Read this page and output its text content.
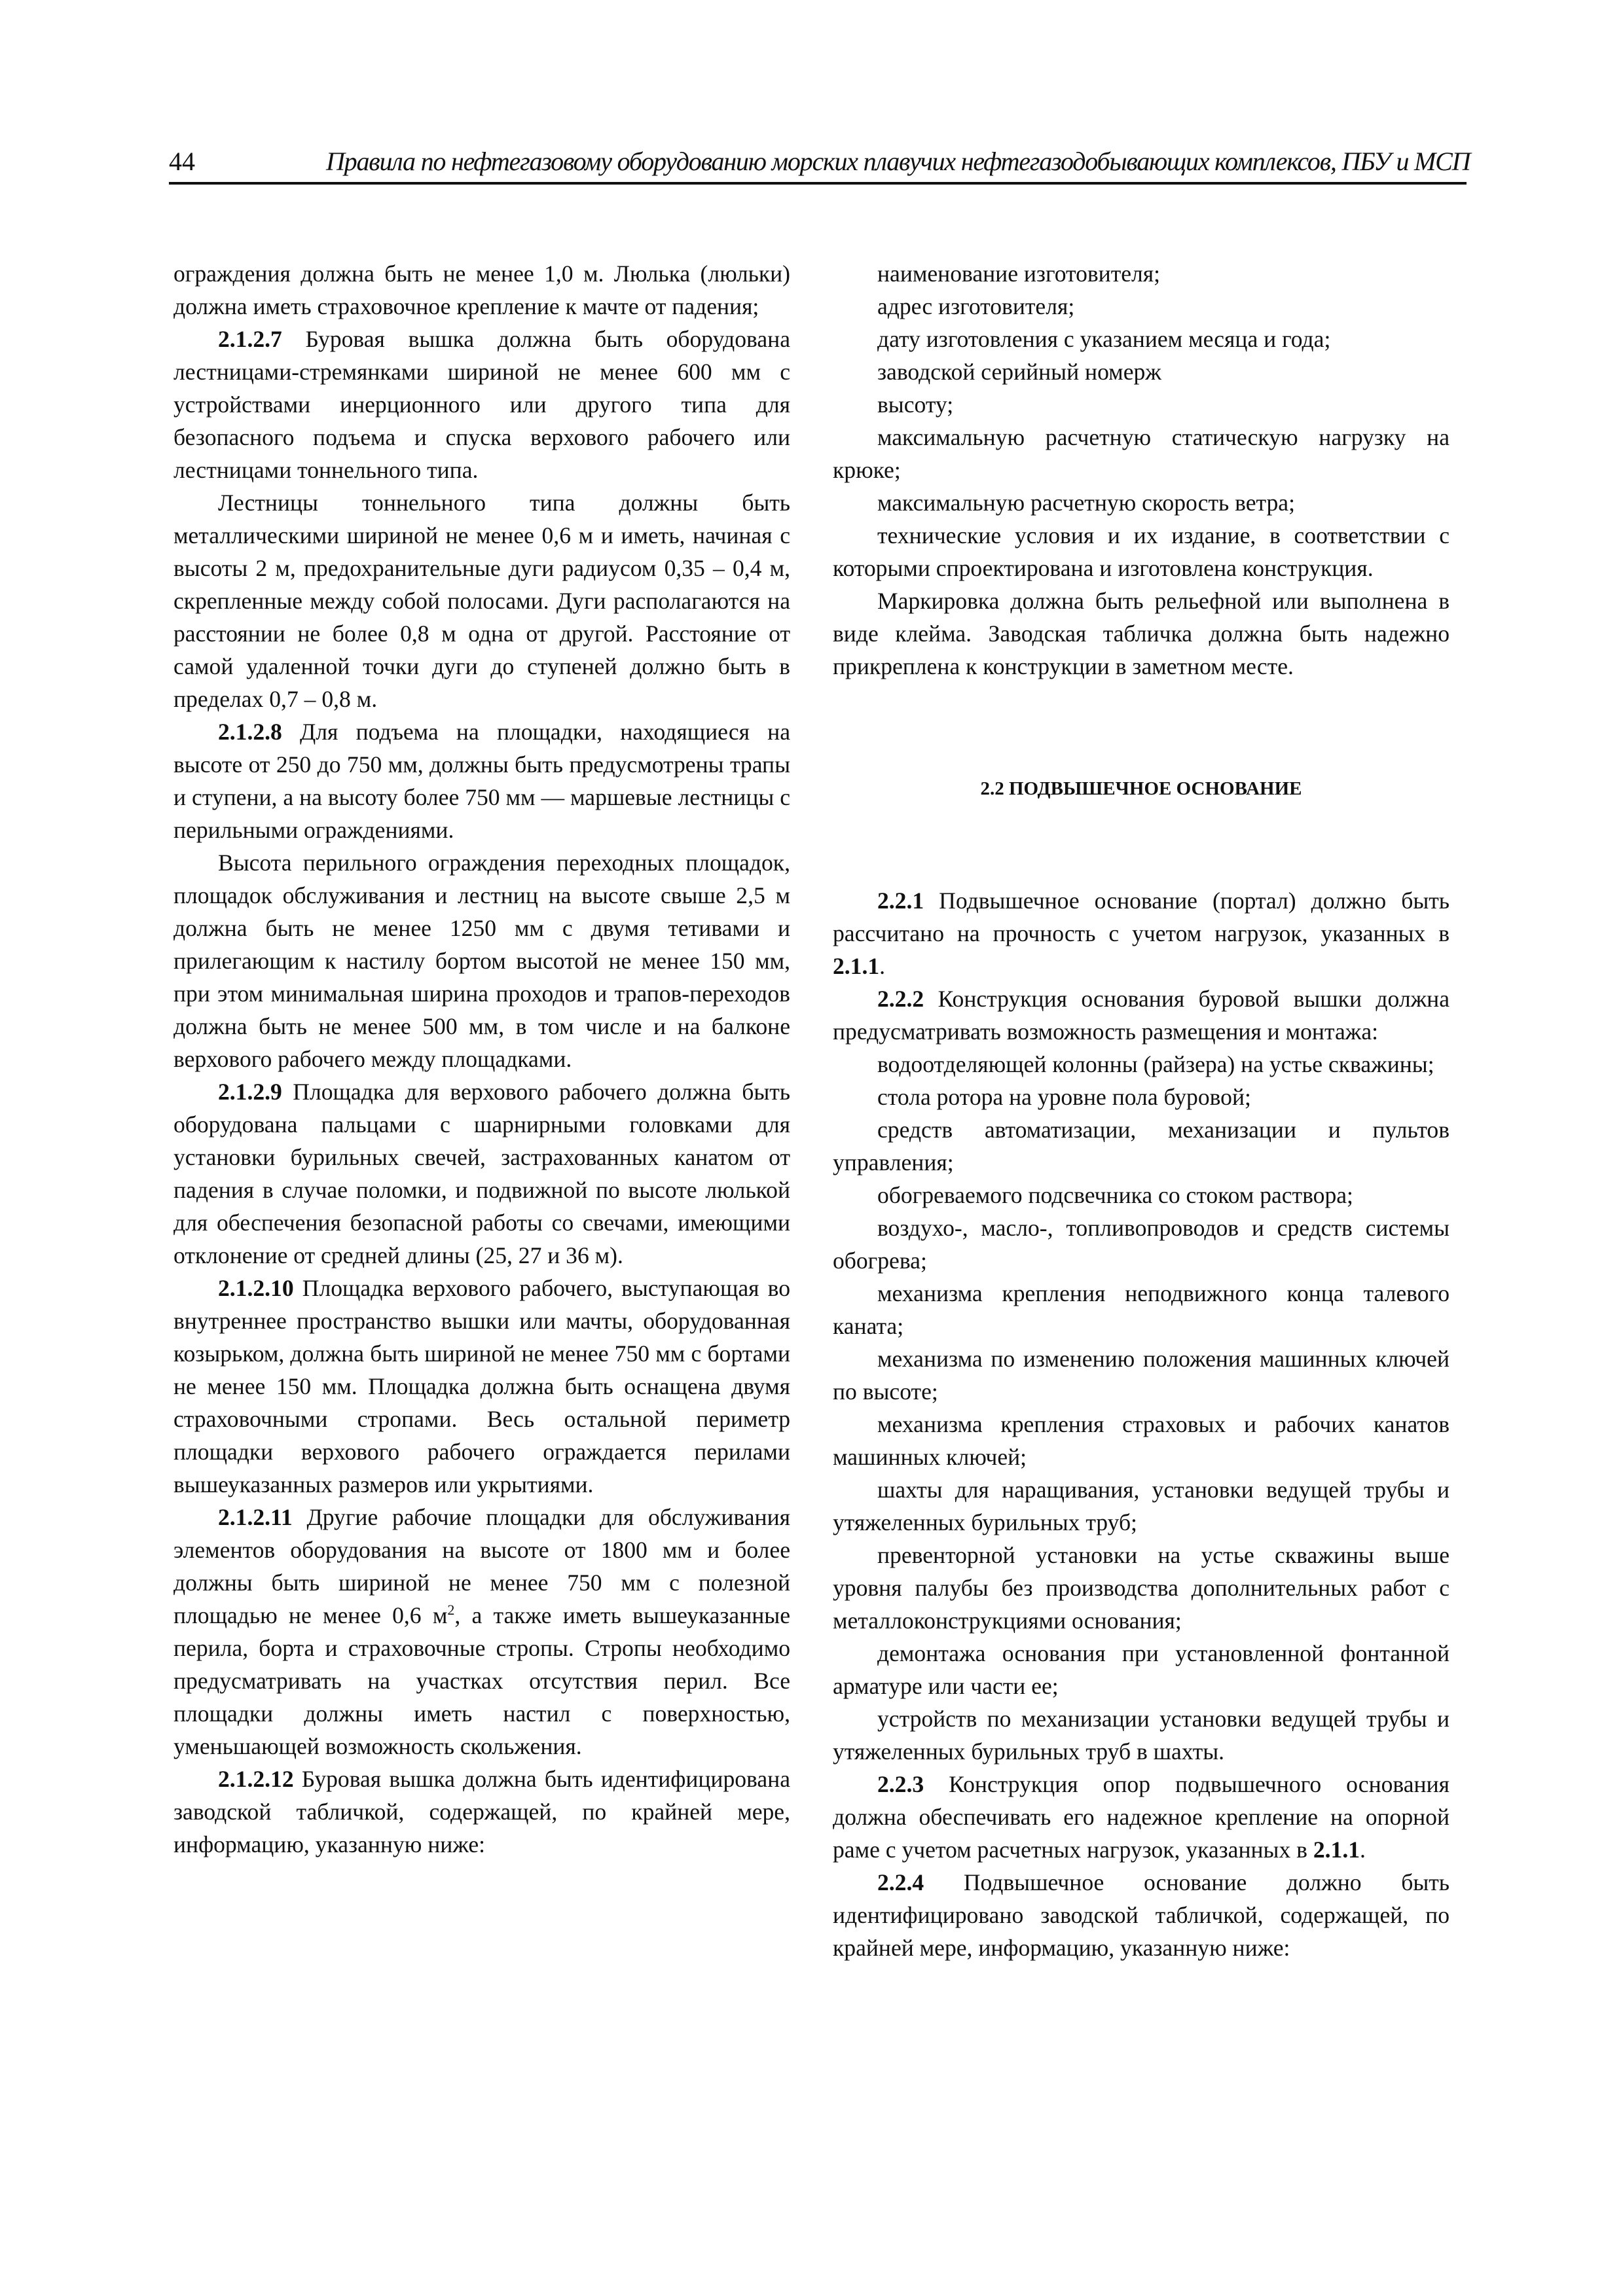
44	Правила по нефтегазовому оборудованию морских плавучих нефтегазодобывающих комплексов, ПБУ и МСП

ограждения должна быть не менее 1,0 м. Люлька (люльки) должна иметь страховочное крепление к мачте от падения;

2.1.2.7 Буровая вышка должна быть оборудована лестницами-стремянками шириной не менее 600 мм с устройствами инерционного или другого типа для безопасного подъема и спуска верхового рабочего или лестницами тоннельного типа.

Лестницы тоннельного типа должны быть металлическими шириной не менее 0,6 м и иметь, начиная с высоты 2 м, предохранительные дуги радиусом 0,35 – 0,4 м, скрепленные между собой полосами. Дуги располагаются на расстоянии не более 0,8 м одна от другой. Расстояние от самой удаленной точки дуги до ступеней должно быть в пределах 0,7 – 0,8 м.

2.1.2.8 Для подъема на площадки, находящиеся на высоте от 250 до 750 мм, должны быть предусмотрены трапы и ступени, а на высоту более 750 мм — маршевые лестницы с перильными ограждениями.

Высота перильного ограждения переходных площадок, площадок обслуживания и лестниц на высоте свыше 2,5 м должна быть не менее 1250 мм с двумя тетивами и прилегающим к настилу бортом высотой не менее 150 мм, при этом минимальная ширина проходов и трапов-переходов должна быть не менее 500 мм, в том числе и на балконе верхового рабочего между площадками.

2.1.2.9 Площадка для верхового рабочего должна быть оборудована пальцами с шарнирными головками для установки бурильных свечей, застрахованных канатом от падения в случае поломки, и подвижной по высоте люлькой для обеспечения безопасной работы со свечами, имеющими отклонение от средней длины (25, 27 и 36 м).

2.1.2.10 Площадка верхового рабочего, выступающая во внутреннее пространство вышки или мачты, оборудованная козырьком, должна быть шириной не менее 750 мм с бортами не менее 150 мм. Площадка должна быть оснащена двумя страховочными стропами. Весь остальной периметр площадки верхового рабочего ограждается перилами вышеуказанных размеров или укрытиями.

2.1.2.11 Другие рабочие площадки для обслуживания элементов оборудования на высоте от 1800 мм и более должны быть шириной не менее 750 мм с полезной площадью не менее 0,6 $м^2$, а также иметь вышеуказанные перила, борта и страховочные стропы. Стропы необходимо предусматривать на участках отсутствия перил. Все площадки должны иметь настил с поверхностью, уменьшающей возможность скольжения.

2.1.2.12 Буровая вышка должна быть идентифицирована заводской табличкой, содержащей, по крайней мере, информацию, указанную ниже:

наименование изготовителя;

адрес изготовителя;

дату изготовления с указанием месяца и года;

заводской серийный номерж

высоту;

максимальную расчетную статическую нагрузку на крюке;

максимальную расчетную скорость ветра;

технические условия и их издание, в соответствии с которыми спроектирована и изготовлена конструкция.

Маркировка должна быть рельефной или выполнена в виде клейма. Заводская табличка должна быть надежно прикреплена к конструкции в заметном месте.

2.2 ПОДВЫШЕЧНОЕ ОСНОВАНИЕ

2.2.1 Подвышечное основание (портал) должно быть рассчитано на прочность с учетом нагрузок, указанных в 2.1.1.

2.2.2 Конструкция основания буровой вышки должна предусматривать возможность размещения и монтажа:

водоотделяющей колонны (райзера) на устье скважины;

стола ротора на уровне пола буровой;

средств автоматизации, механизации и пультов управления;

обогреваемого подсвечника со стоком раствора;

воздухо-, масло-, топливопроводов и средств системы обогрева;

механизма крепления неподвижного конца талевого каната;

механизма по изменению положения машинных ключей по высоте;

механизма крепления страховых и рабочих канатов машинных ключей;

шахты для наращивания, установки ведущей трубы и утяжеленных бурильных труб;

превенторной установки на устье скважины выше уровня палубы без производства дополнительных работ с металлоконструкциями основания;

демонтажа основания при установленной фонтанной арматуре или части ее;

устройств по механизации установки ведущей трубы и утяжеленных бурильных труб в шахты.

2.2.3 Конструкция опор подвышечного основания должна обеспечивать его надежное крепление на опорной раме с учетом расчетных нагрузок, указанных в 2.1.1.

2.2.4 Подвышечное основание должно быть идентифицировано заводской табличкой, содержащей, по крайней мере, информацию, указанную ниже:
